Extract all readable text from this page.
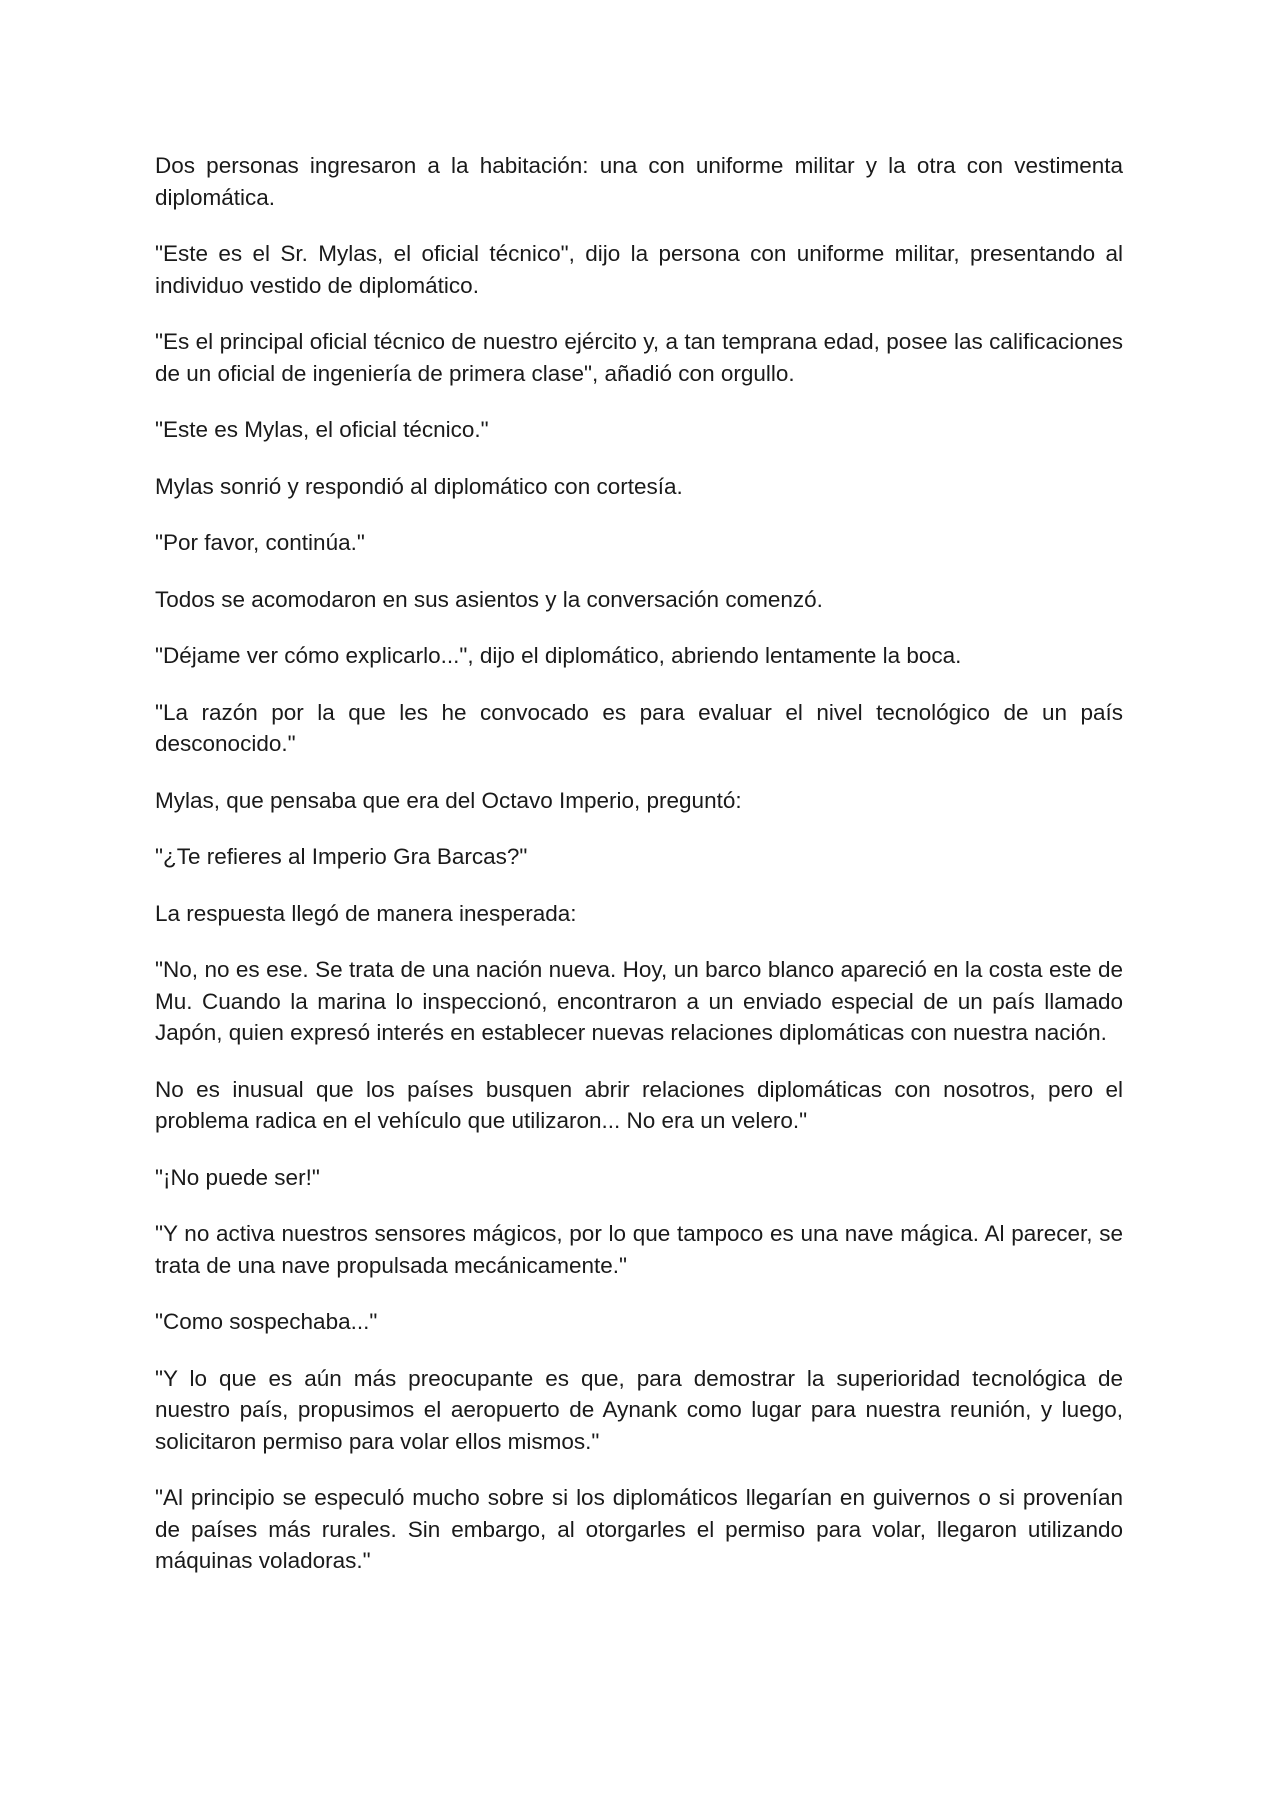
Dos personas ingresaron a la habitación: una con uniforme militar y la otra con vestimenta diplomática.

"Este es el Sr. Mylas, el oficial técnico", dijo la persona con uniforme militar, presentando al individuo vestido de diplomático.

"Es el principal oficial técnico de nuestro ejército y, a tan temprana edad, posee las calificaciones de un oficial de ingeniería de primera clase", añadió con orgullo.

"Este es Mylas, el oficial técnico."

Mylas sonrió y respondió al diplomático con cortesía.

"Por favor, continúa."

Todos se acomodaron en sus asientos y la conversación comenzó.

"Déjame ver cómo explicarlo...", dijo el diplomático, abriendo lentamente la boca.

"La razón por la que les he convocado es para evaluar el nivel tecnológico de un país desconocido."

Mylas, que pensaba que era del Octavo Imperio, preguntó:

"¿Te refieres al Imperio Gra Barcas?"

La respuesta llegó de manera inesperada:

"No, no es ese. Se trata de una nación nueva. Hoy, un barco blanco apareció en la costa este de Mu. Cuando la marina lo inspeccionó, encontraron a un enviado especial de un país llamado Japón, quien expresó interés en establecer nuevas relaciones diplomáticas con nuestra nación.

No es inusual que los países busquen abrir relaciones diplomáticas con nosotros, pero el problema radica en el vehículo que utilizaron... No era un velero."

"¡No puede ser!"

"Y no activa nuestros sensores mágicos, por lo que tampoco es una nave mágica. Al parecer, se trata de una nave propulsada mecánicamente."

"Como sospechaba..."

"Y lo que es aún más preocupante es que, para demostrar la superioridad tecnológica de nuestro país, propusimos el aeropuerto de Aynank como lugar para nuestra reunión, y luego, solicitaron permiso para volar ellos mismos."

"Al principio se especuló mucho sobre si los diplomáticos llegarían en guivernos o si provenían de países más rurales. Sin embargo, al otorgarles el permiso para volar, llegaron utilizando máquinas voladoras."
